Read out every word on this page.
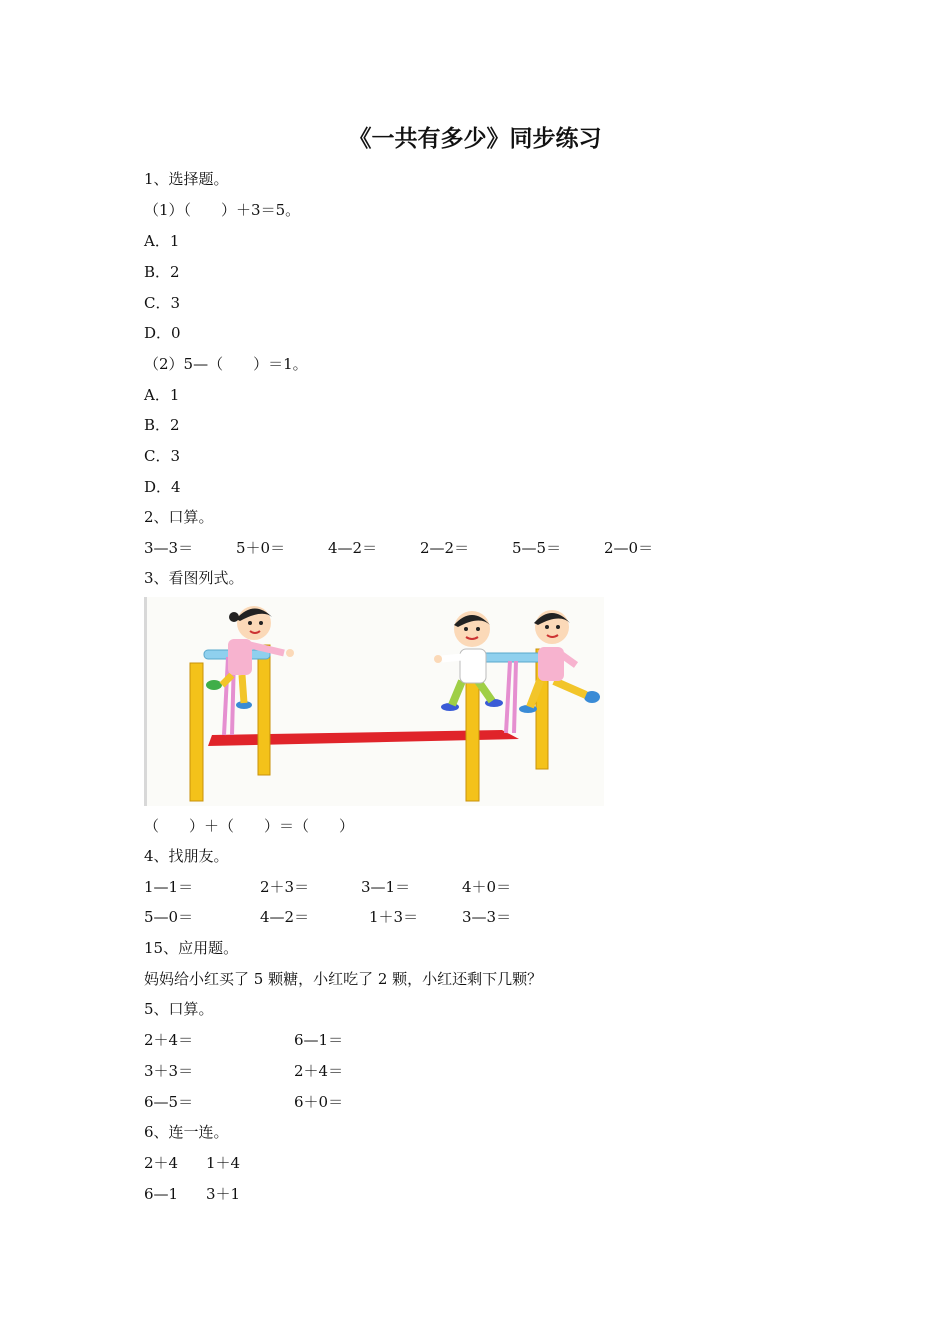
《一共有多少》同步练习
1、选择题。
（1）（　　）＋3＝5。
A．1
B．2
C．3
D．0
（2）5—（　　）＝1。
A．1
B．2
C．3
D．4
2、口算。
3—3＝	5＋0＝	4—2＝	2—2＝	5—5＝	2—0＝
3、看图列式。
（　　）＋（　　）＝（　　）
4、找朋友。
1—1＝	2＋3＝	3—1＝	4＋0＝
5—0＝	4—2＝	1＋3＝	3—3＝
15、应用题。
妈妈给小红买了 5 颗糖，小红吃了 2 颗，小红还剩下几颗？
5、口算。
2＋4＝	6—1＝
3＋3＝	2＋4＝
6—5＝	6＋0＝
6、连一连。
2＋4 1＋4
6—1 3＋1
